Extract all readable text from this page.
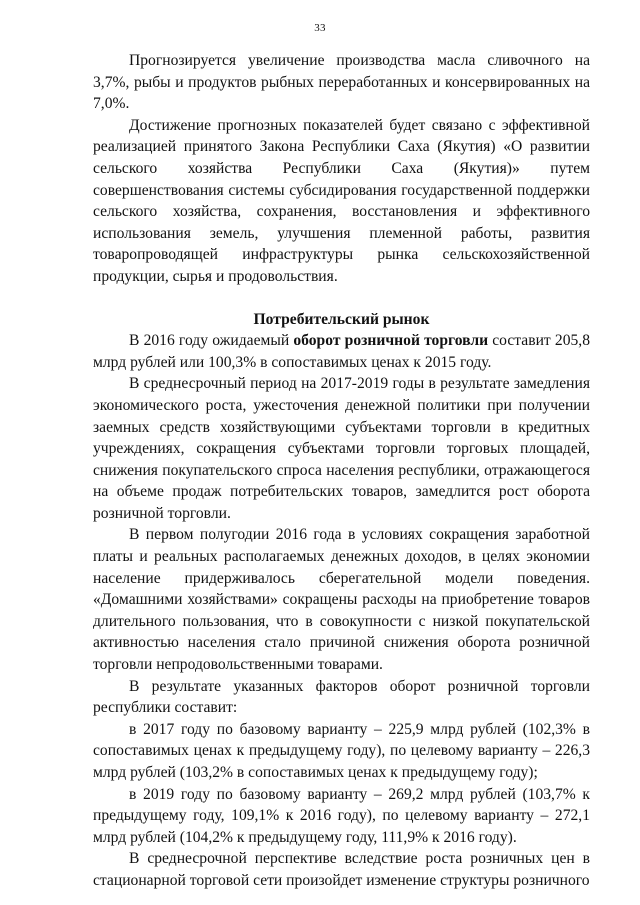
33

Прогнозируется увеличение производства масла сливочного на 3,7%, рыбы и продуктов рыбных переработанных и консервированных на 7,0%.

Достижение прогнозных показателей будет связано с эффективной реализацией принятого Закона Республики Саха (Якутия) «О развитии сельского хозяйства Республики Саха (Якутия)» путем совершенствования системы субсидирования государственной поддержки сельского хозяйства, сохранения, восстановления и эффективного использования земель, улучшения племенной работы, развития товаропроводящей инфраструктуры рынка сельскохозяйственной продукции, сырья и продовольствия.

Потребительский рынок

В 2016 году ожидаемый оборот розничной торговли составит 205,8 млрд рублей или 100,3% в сопоставимых ценах к 2015 году.

В среднесрочный период на 2017-2019 годы в результате замедления экономического роста, ужесточения денежной политики при получении заемных средств хозяйствующими субъектами торговли в кредитных учреждениях, сокращения субъектами торговли торговых площадей, снижения покупательского спроса населения республики, отражающегося на объеме продаж потребительских товаров, замедлится рост оборота розничной торговли.

В первом полугодии 2016 года в условиях сокращения заработной платы и реальных располагаемых денежных доходов, в целях экономии население придерживалось сберегательной модели поведения. «Домашними хозяйствами» сокращены расходы на приобретение товаров длительного пользования, что в совокупности с низкой покупательской активностью населения стало причиной снижения оборота розничной торговли непродовольственными товарами.

В результате указанных факторов оборот розничной торговли республики составит:

в 2017 году по базовому варианту – 225,9 млрд рублей (102,3% в сопоставимых ценах к предыдущему году), по целевому варианту – 226,3 млрд рублей (103,2% в сопоставимых ценах к предыдущему году);

в 2019 году по базовому варианту – 269,2 млрд рублей (103,7% к предыдущему году, 109,1% к 2016 году), по целевому варианту – 272,1 млрд рублей (104,2% к предыдущему году, 111,9% к 2016 году).

В среднесрочной перспективе вследствие роста розничных цен в стационарной торговой сети произойдет изменение структуры розничного
